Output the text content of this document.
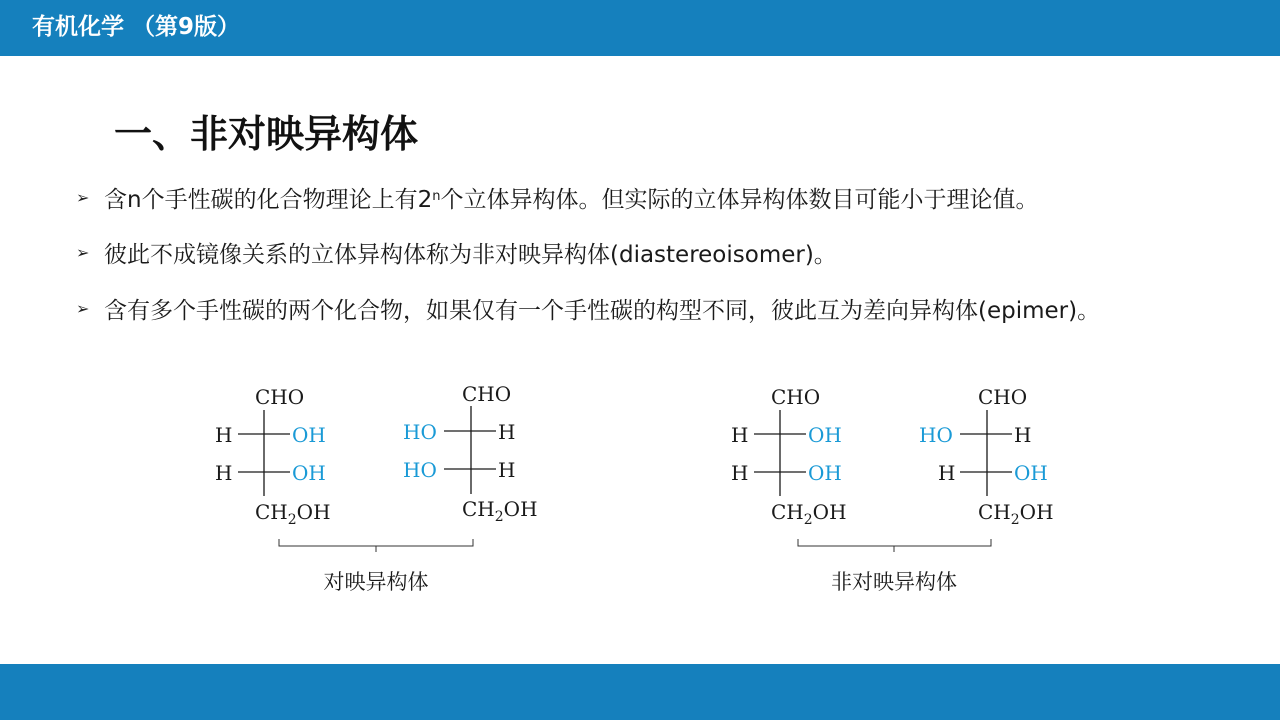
有机化学 （第9版）
一、非对映异构体
➢ 含n个手性碳的化合物理论上有2 n 个立体异构体。但实际的立体异构体数目可能小于理论值。
➢ 彼此不成镜像关系的立体异构体称为非对映异构体(diastereoisomer)。
➢ 含有多个手性碳的两个化合物，如果仅有一个手性碳的构型不同，彼此互为差向异构体(epimer)。
CHO
H	OH
H	OH
$CH_2OH$
CHO
HO	H
HO	H
$CH_2OH$
CHO
H	OH
H	OH
$CH_2OH$
CHO
HO	H
H	OH
$CH_2OH$
对映异构体	非对映异构体
